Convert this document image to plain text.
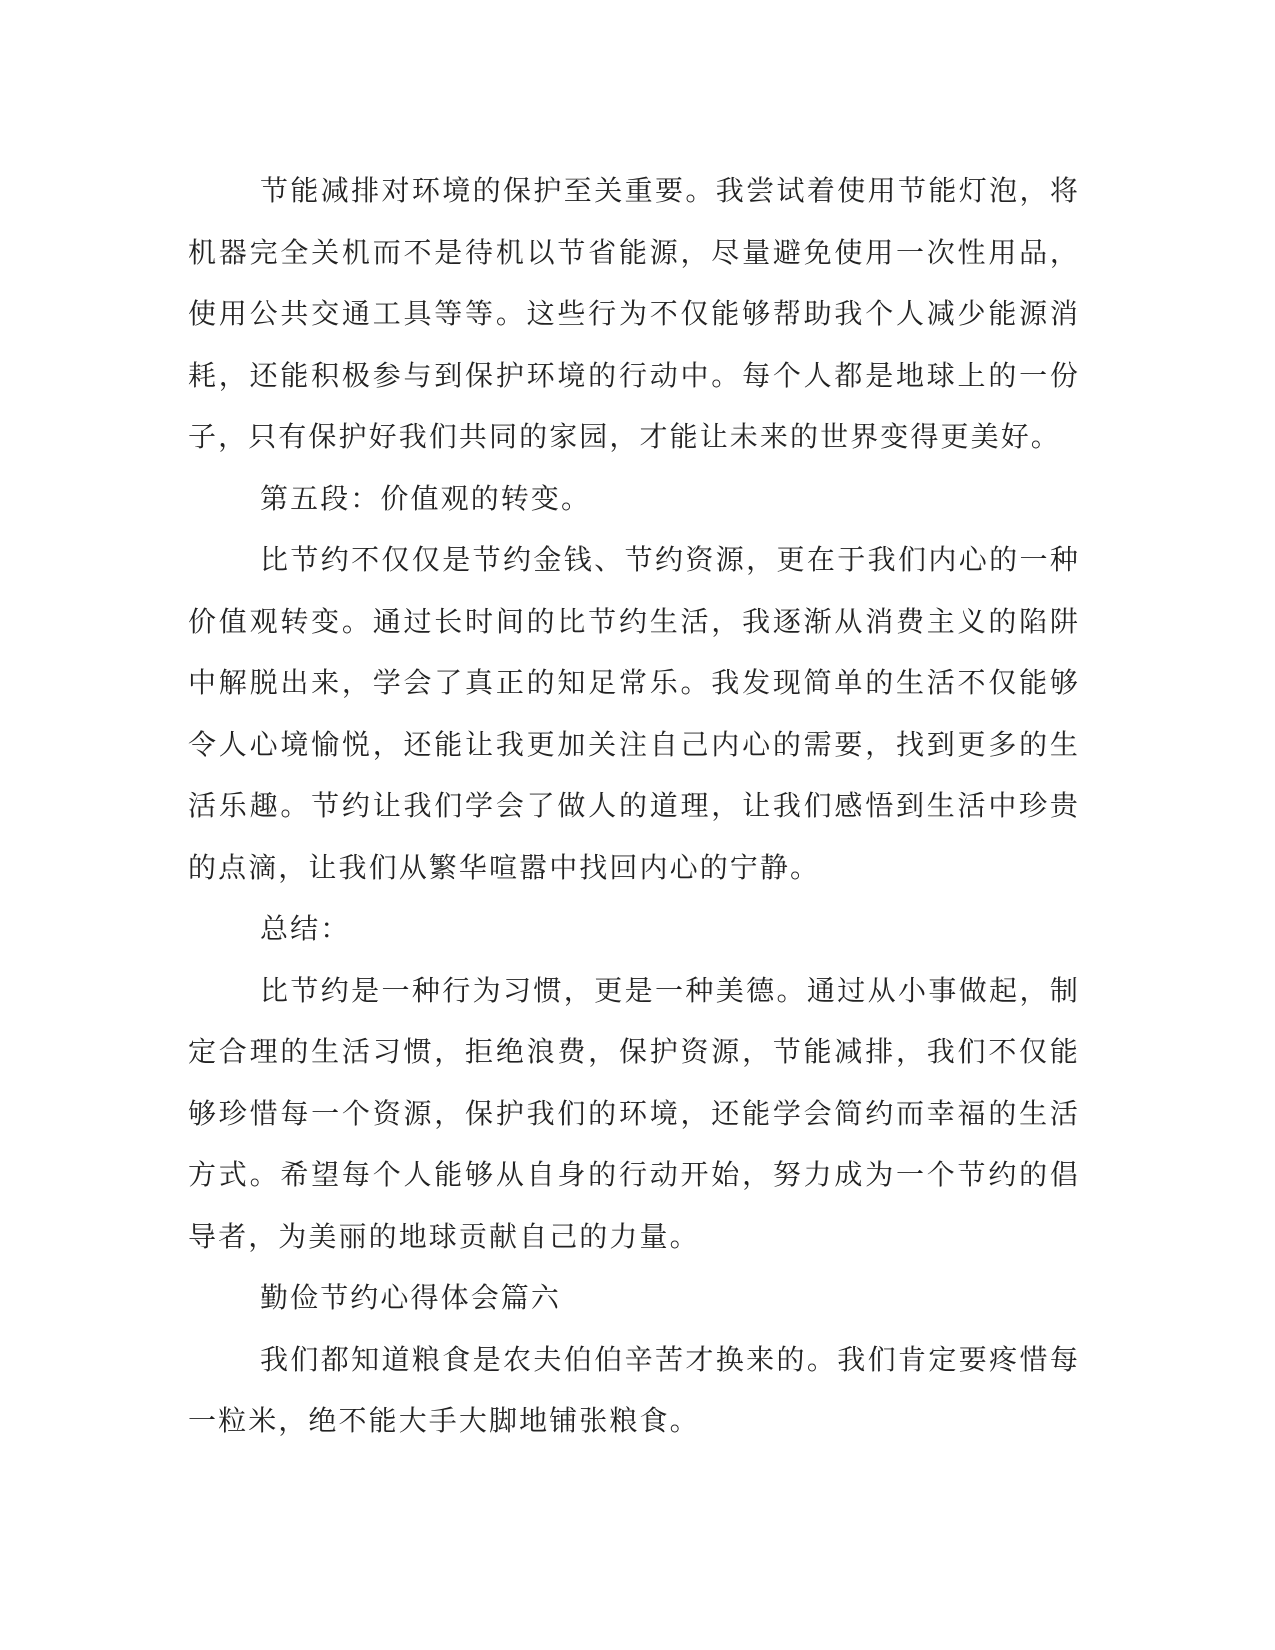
节能减排对环境的保护至关重要。我尝试着使用节能灯泡，将机器完全关机而不是待机以节省能源，尽量避免使用一次性用品，使用公共交通工具等等。这些行为不仅能够帮助我个人减少能源消耗，还能积极参与到保护环境的行动中。每个人都是地球上的一份子，只有保护好我们共同的家园，才能让未来的世界变得更美好。

第五段：价值观的转变。

比节约不仅仅是节约金钱、节约资源，更在于我们内心的一种价值观转变。通过长时间的比节约生活，我逐渐从消费主义的陷阱中解脱出来，学会了真正的知足常乐。我发现简单的生活不仅能够令人心境愉悦，还能让我更加关注自己内心的需要，找到更多的生活乐趣。节约让我们学会了做人的道理，让我们感悟到生活中珍贵的点滴，让我们从繁华喧嚣中找回内心的宁静。

总结：

比节约是一种行为习惯，更是一种美德。通过从小事做起，制定合理的生活习惯，拒绝浪费，保护资源，节能减排，我们不仅能够珍惜每一个资源，保护我们的环境，还能学会简约而幸福的生活方式。希望每个人能够从自身的行动开始，努力成为一个节约的倡导者，为美丽的地球贡献自己的力量。

勤俭节约心得体会篇六

我们都知道粮食是农夫伯伯辛苦才换来的。我们肯定要疼惜每一粒米，绝不能大手大脚地铺张粮食。
